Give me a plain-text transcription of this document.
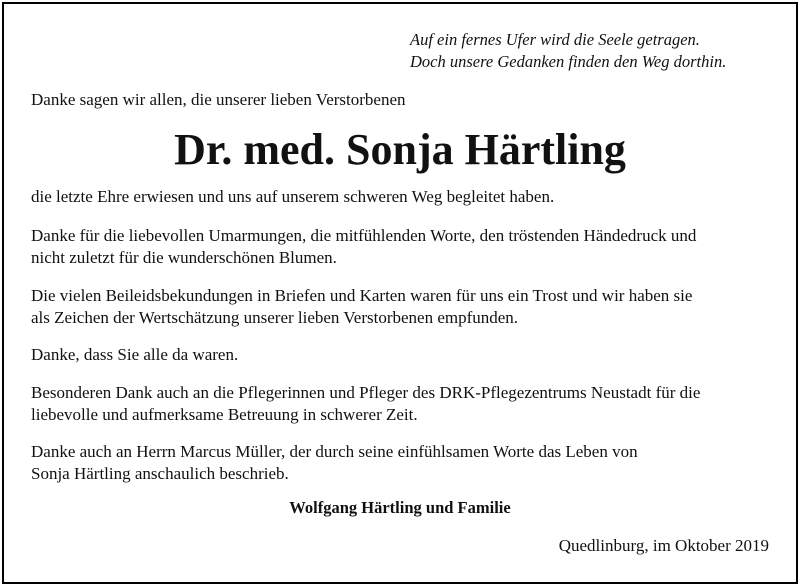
Auf ein fernes Ufer wird die Seele getragen.
Doch unsere Gedanken finden den Weg dorthin.

Danke sagen wir allen, die unserer lieben Verstorbenen

Dr. med. Sonja Härtling

die letzte Ehre erwiesen und uns auf unserem schweren Weg begleitet haben.

Danke für die liebevollen Umarmungen, die mitfühlenden Worte, den tröstenden Händedruck und

nicht zuletzt für die wunderschönen Blumen.

Die vielen Beileidsbekundungen in Briefen und Karten waren für uns ein Trost und wir haben sie

als Zeichen der Wertschätzung unserer lieben Verstorbenen empfunden.

Danke, dass Sie alle da waren.

Besonderen Dank auch an die Pflegerinnen und Pfleger des DRK-Pflegezentrums Neustadt für die

liebevolle und aufmerksame Betreuung in schwerer Zeit.

Danke auch an Herrn Marcus Müller, der durch seine einfühlsamen Worte das Leben von

Sonja Härtling anschaulich beschrieb.

Wolfgang Härtling und Familie
Quedlinburg, im Oktober 2019
